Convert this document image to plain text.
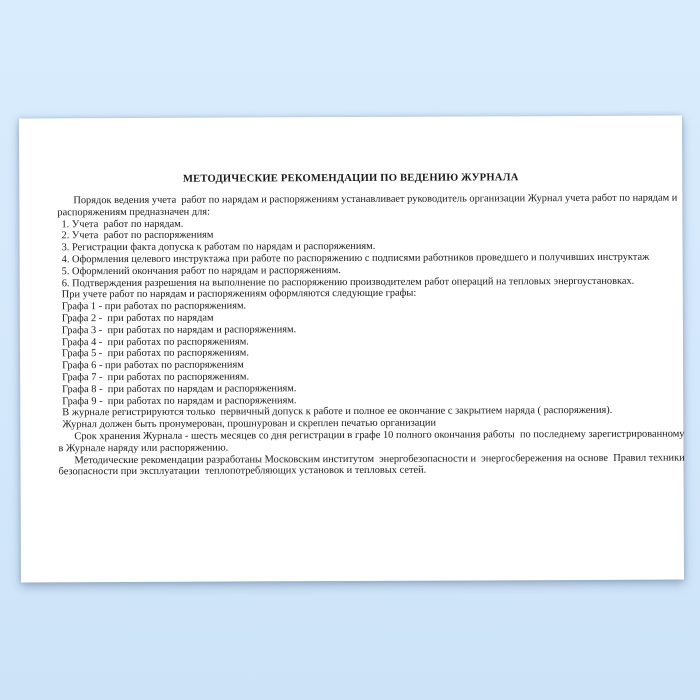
МЕТОДИЧЕСКИЕ РЕКОМЕНДАЦИИ ПО ВЕДЕНИЮ ЖУРНАЛА
Порядок ведения учета  работ по нарядам и распоряжениям устанавливает руководитель организации Журнал учета работ по нарядам и
распоряжениям предназначен для:
1. Учета  работ по нарядам.
2. Учета  работ по распоряжениям
3. Регистрации факта допуска к работам по нарядам и распоряжениям.
4. Оформления целевого инструктажа при работе по распоряжению с подписями работников проведшего и получивших инструктаж
5. Оформлений окончания работ по нарядам и распоряжениям.
6. Подтверждения разрешения на выполнение по распоряжению производителем работ операций на тепловых энергоустановках.
При учете работ по нарядам и распоряжениям оформляются следующие графы:
Графа 1 - при работах по распоряжениям.
Графа 2 -  при работах по нарядам
Графа 3 -  при работах по нарядам и распоряжениям.
Графа 4 -  при работах по распоряжениям.
Графа 5 -  при работах по распоряжениям.
Графа 6 - при работах по распоряжениям
Графа 7 -  при работах по распоряжениям.
Графа 8 -  при работах по нарядам и распоряжениям.
Графа 9 -  при работах по нарядам и распоряжениям.
В журнале регистрируются только  первичный допуск к работе и полное ее окончание с закрытием наряда ( распоряжения).
Журнал должен быть пронумерован, прошнурован и скреплен печатью организации
Срок хранения Журнала - шесть месяцев со дня регистрации в графе 10 полного окончания работы  по последнему зарегистрированному
в Журнале наряду или распоряжению.
Методические рекомендации разработаны Московским институтом  энергобезопасности и  энергосбережения на основе  Правил техники
безопасности при эксплуатации  теплопотребляющих установок и тепловых сетей.
